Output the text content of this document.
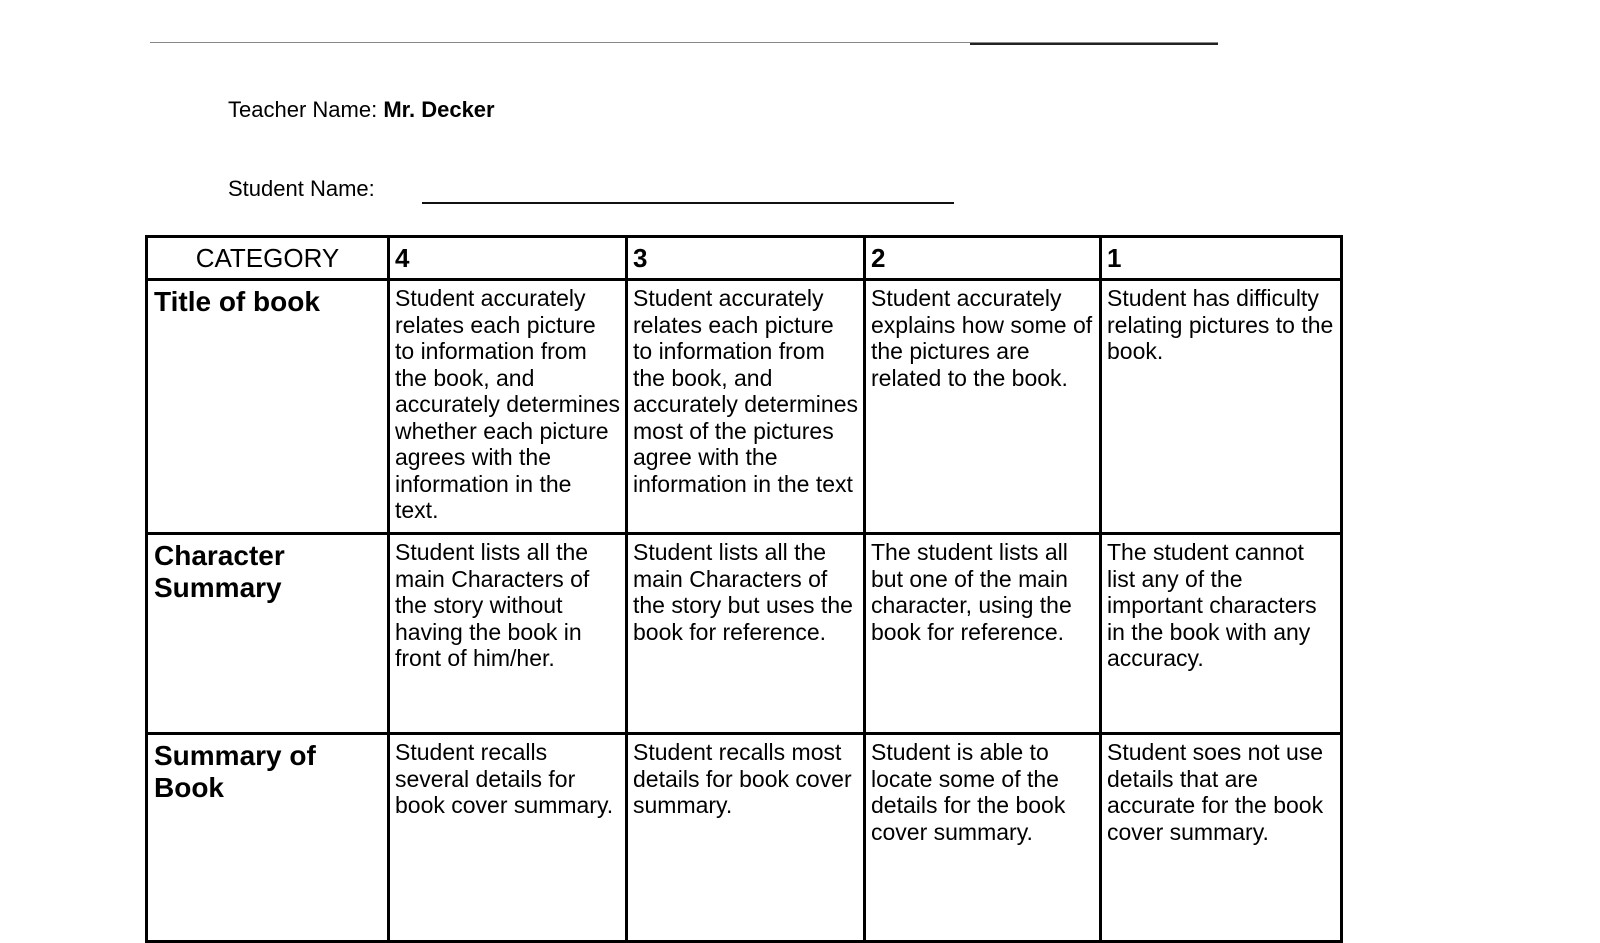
Teacher Name: Mr. Decker
Student Name:
CATEGORY	4	3	2	1
Title of book	Student accurately relates each picture to information from the book, and accurately determines whether each picture agrees with the information in the text.	Student accurately relates each picture to information from the book, and accurately determines most of the pictures agree with the information in the text	Student accurately explains how some of the pictures are related to the book.	Student has difficulty relating pictures to the book.
Character Summary	Student lists all the main Characters of the story without having the book in front of him/her.	Student lists all the main Characters of the story but uses the book for reference.	The student lists all but one of the main character, using the book for reference.	The student cannot list any of the important characters in the book with any accuracy.
Summary of Book	Student recalls several details for book cover summary.	Student recalls most details for book cover summary.	Student is able to locate some of the details for the book cover summary.	Student soes not use details that are accurate for the book cover summary.
